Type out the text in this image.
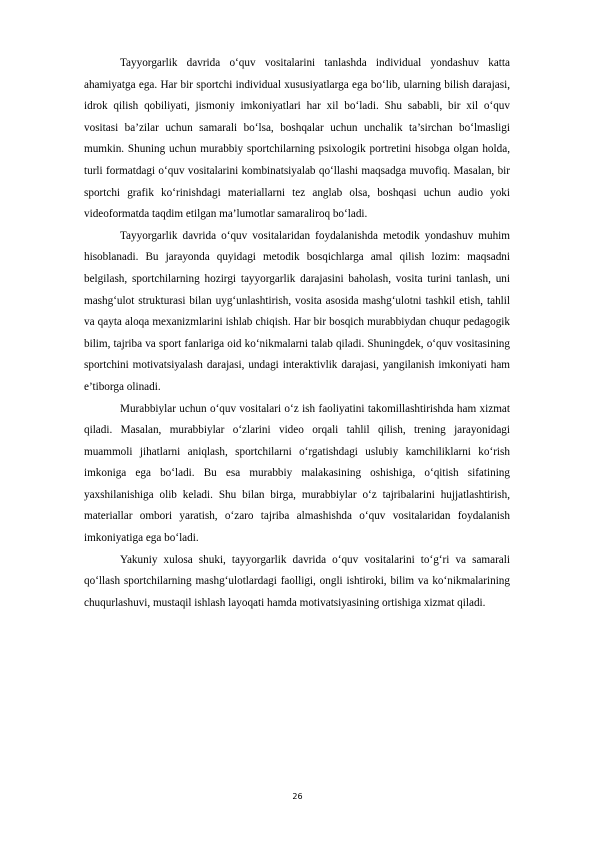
Tayyorgarlik davrida o‘quv vositalarini tanlashda individual yondashuv katta ahamiyatga ega. Har bir sportchi individual xususiyatlarga ega bo‘lib, ularning bilish darajasi, idrok qilish qobiliyati, jismoniy imkoniyatlari har xil bo‘ladi. Shu sababli, bir xil o‘quv vositasi ba’zilar uchun samarali bo‘lsa, boshqalar uchun unchalik ta’sirchan bo‘lmasligi mumkin. Shuning uchun murabbiy sportchilarning psixologik portretini hisobga olgan holda, turli formatdagi o‘quv vositalarini kombinatsiyalab qo‘llashi maqsadga muvofiq. Masalan, bir sportchi grafik ko‘rinishdagi materiallarni tez anglab olsa, boshqasi uchun audio yoki videoformatda taqdim etilgan ma’lumotlar samaraliroq bo‘ladi.

Tayyorgarlik davrida o‘quv vositalaridan foydalanishda metodik yondashuv muhim hisoblanadi. Bu jarayonda quyidagi metodik bosqichlarga amal qilish lozim: maqsadni belgilash, sportchilarning hozirgi tayyorgarlik darajasini baholash, vosita turini tanlash, uni mashg‘ulot strukturasi bilan uyg‘unlashtirish, vosita asosida mashg‘ulotni tashkil etish, tahlil va qayta aloqa mexanizmlarini ishlab chiqish. Har bir bosqich murabbiydan chuqur pedagogik bilim, tajriba va sport fanlariga oid ko‘nikmalarni talab qiladi. Shuningdek, o‘quv vositasining sportchini motivatsiyalash darajasi, undagi interaktivlik darajasi, yangilanish imkoniyati ham e’tiborga olinadi.

Murabbiylar uchun o‘quv vositalari o‘z ish faoliyatini takomillashtirishda ham xizmat qiladi. Masalan, murabbiylar o‘zlarini video orqali tahlil qilish, trening jarayonidagi muammoli jihatlarni aniqlash, sportchilarni o‘rgatishdagi uslubiy kamchiliklarni ko‘rish imkoniga ega bo‘ladi. Bu esa murabbiy malakasining oshishiga, o‘qitish sifatining yaxshilanishiga olib keladi. Shu bilan birga, murabbiylar o‘z tajribalarini hujjatlashtirish, materiallar ombori yaratish, o‘zaro tajriba almashishda o‘quv vositalaridan foydalanish imkoniyatiga ega bo‘ladi.

Yakuniy xulosa shuki, tayyorgarlik davrida o‘quv vositalarini to‘g‘ri va samarali qo‘llash sportchilarning mashg‘ulotlardagi faolligi, ongli ishtiroki, bilim va ko‘nikmalarining chuqurlashuvi, mustaqil ishlash layoqati hamda motivatsiyasining ortishiga xizmat qiladi.

26
